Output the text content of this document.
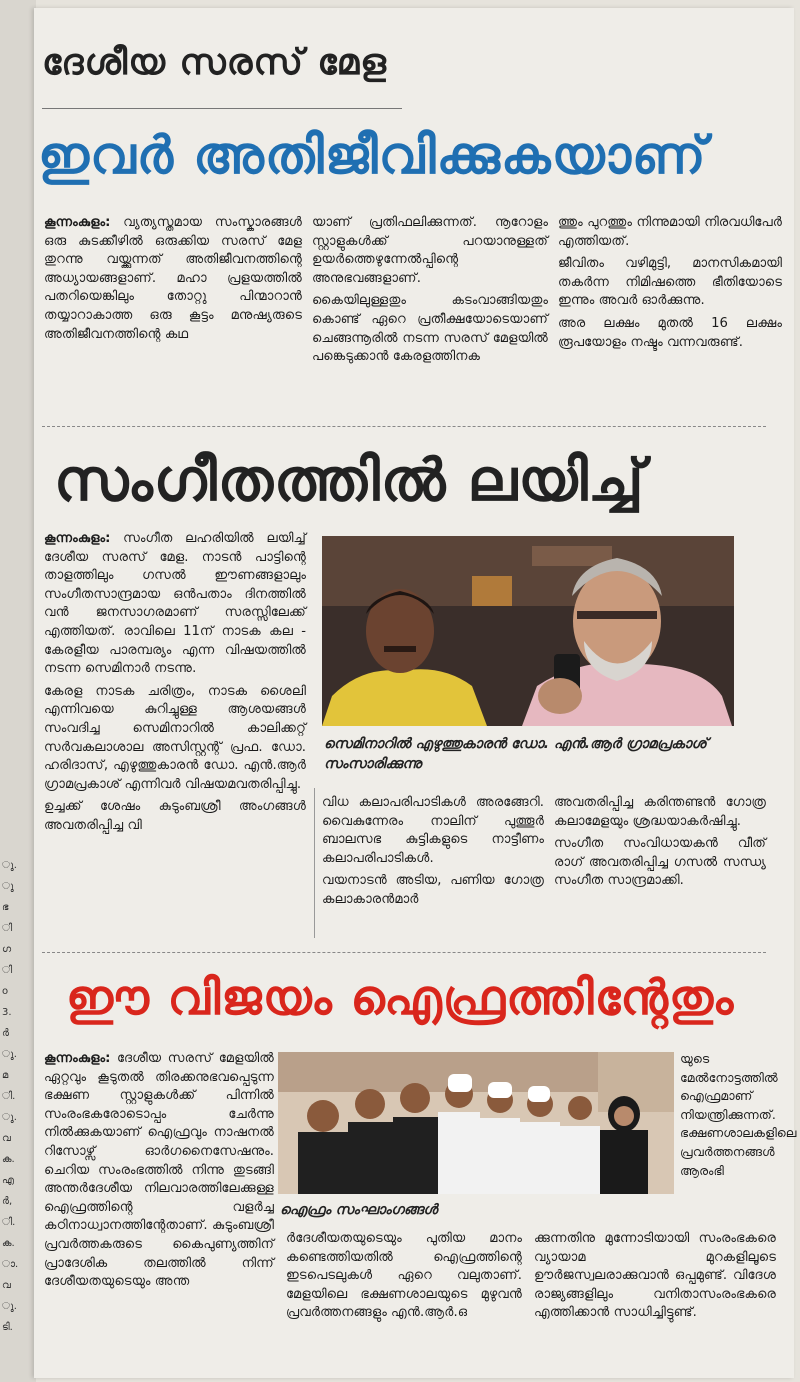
ു.
ു
ഭ
ി
ഗ
ി
o
3.
ർ
ു.
മ
ി.
ു.
വ
ക.
എ
ർ,
ി.
ക.
ാ.
വ
ു.
ടി.
ദേശീയ സരസ് മേള
ഇവർ അതിജീവിക്കുകയാണ്

കൂന്നംകുളം: വ്യത്യസ്തമായ സംസ്കാരങ്ങൾ ഒരു കുടക്കീഴിൽ ഒരുക്കിയ സരസ് മേള തുറന്നു വയ്ക്കുന്നത് അതിജീവനത്തിന്റെ അധ്യായങ്ങളാണ്. മഹാ പ്രളയത്തിൽ പതറിയെങ്കിലും തോറ്റു പിന്മാറാൻ തയ്യാറാകാത്ത ഒരു കൂട്ടം മനുഷ്യരുടെ അതിജീവനത്തിന്റെ കഥ

യാണ് പ്രതിഫലിക്കുന്നത്. നൂറോളം സ്റ്റാളുകൾക്ക് പറയാനുള്ളത് ഉയർത്തെഴുന്നേൽപ്പിന്റെ അനുഭവങ്ങളാണ്.

കൈയിലുള്ളതും കടംവാങ്ങിയതും കൊണ്ട് ഏറെ പ്രതീക്ഷയോടെയാണ് ചെങ്ങന്നൂരിൽ നടന്ന സരസ് മേളയിൽ പങ്കെടുക്കാൻ കേരളത്തിനക

ത്തും പുറത്തും നിന്നുമായി നിരവധിപേർ എത്തിയത്.

ജീവിതം വഴിമുട്ടി, മാനസികമായി തകർന്ന നിമിഷത്തെ ഭീതിയോടെ ഇന്നും അവർ ഓർക്കുന്നു.

അര ലക്ഷം മുതൽ 16 ലക്ഷം രൂപയോളം നഷ്ടം വന്നവരുണ്ട്.

സംഗീതത്തിൽ ലയിച്ച്

കൂന്നംകുളം: സംഗീത ലഹരിയിൽ ലയിച്ച് ദേശീയ സരസ് മേള. നാടൻ പാട്ടിന്റെ താളത്തിലും ഗസൽ ഈണങ്ങളാലും സംഗീതസാന്ദ്രമായ ഒൻപതാം ദിനത്തിൽ വൻ ജനസാഗരമാണ് സരസ്സിലേക്ക് എത്തിയത്. രാവിലെ 11ന് നാടക കല - കേരളീയ പാരമ്പര്യം എന്ന വിഷയത്തിൽ നടന്ന സെമിനാർ നടന്നു.

കേരള നാടക ചരിത്രം, നാടക ശൈലി എന്നിവയെ കുറിച്ചുള്ള ആശയങ്ങൾ സംവദിച്ച സെമിനാറിൽ കാലിക്കറ്റ് സർവകലാശാല അസിസ്റ്റന്റ് പ്രഫ. ഡോ. ഹരിദാസ്, എഴുത്തുകാരൻ ഡോ. എൻ.ആർ ഗ്രാമപ്രകാശ് എന്നിവർ വിഷയമവതരിപ്പിച്ചു.

ഉച്ചക്ക് ശേഷം കുടുംബശ്രീ അംഗങ്ങൾ അവതരിപ്പിച്ച വി

സെമിനാറിൽ എഴുത്തുകാരൻ ഡോ. എൻ.ആർ ഗ്രാമപ്രകാശ് സംസാരിക്കുന്നു

വിധ കലാപരിപാടികൾ അരങ്ങേറി. വൈകുന്നേരം നാലിന് പുത്തൂർ ബാലസഭ കുട്ടികളുടെ നാട്ടീണം കലാപരിപാടികൾ.

വയനാടൻ അടിയ, പണിയ ഗോത്ര കലാകാരൻമാർ

അവതരിപ്പിച്ച കരിന്തണ്ടൻ ഗോത്ര കലാമേളയും ശ്രദ്ധയാകർഷിച്ചു.

സംഗീത സംവിധായകൻ വീത് രാഗ് അവതരിപ്പിച്ച ഗസൽ സന്ധ്യ സംഗീത സാന്ദ്രമാക്കി.

ഈ വിജയം ഐഫ്രത്തിന്റേതും

കൂന്നംകുളം: ദേശീയ സരസ് മേളയിൽ ഏറ്റവും കൂടുതൽ തിരക്കനുഭവപ്പെടുന്ന ഭക്ഷണ സ്റ്റാളുകൾക്ക് പിന്നിൽ സംരംഭകരോടൊപ്പം ചേർന്നു നിൽക്കുകയാണ് ഐഫ്രവും നാഷനൽ റിസോഴ്സ് ഓർഗനൈസേഷനും. ചെറിയ സംരംഭത്തിൽ നിന്നു തുടങ്ങി അന്തർദേശീയ നിലവാരത്തിലേക്കുള്ള ഐഫ്രത്തിന്റെ വളർച്ച കഠിനാധ്വാനത്തിന്റേതാണ്. കുടുംബശ്രീ പ്രവർത്തകരുടെ കൈപുണ്യത്തിന് പ്രാദേശിക തലത്തിൽ നിന്ന് ദേശീയതയുടെയും അന്ത

ഐഫ്രം സംഘാംഗങ്ങൾ

യുടെ മേൽനോട്ടത്തിൽ ഐഫ്രമാണ് നിയന്ത്രിക്കുന്നത്. ഭക്ഷണശാലകളിലെ പ്രവർത്തനങ്ങൾ ആരംഭി

ർദേശീയതയുടെയും പുതിയ മാനം കണ്ടെത്തിയതിൽ ഐഫ്രത്തിന്റെ ഇടപെടലുകൾ ഏറെ വലുതാണ്. മേളയിലെ ഭക്ഷണശാലയുടെ മുഴുവൻ പ്രവർത്തനങ്ങളും എൻ.ആർ.ഒ

ക്കുന്നതിനു മുന്നോടിയായി സംരംഭകരെ വ്യായാമ മുറകളിലൂടെ ഊർജസ്വലരാക്കുവാൻ ഒപ്പമുണ്ട്. വിദേശ രാജ്യങ്ങളിലും വനിതാസംരംഭകരെ എത്തിക്കാൻ സാധിച്ചിട്ടുണ്ട്.
